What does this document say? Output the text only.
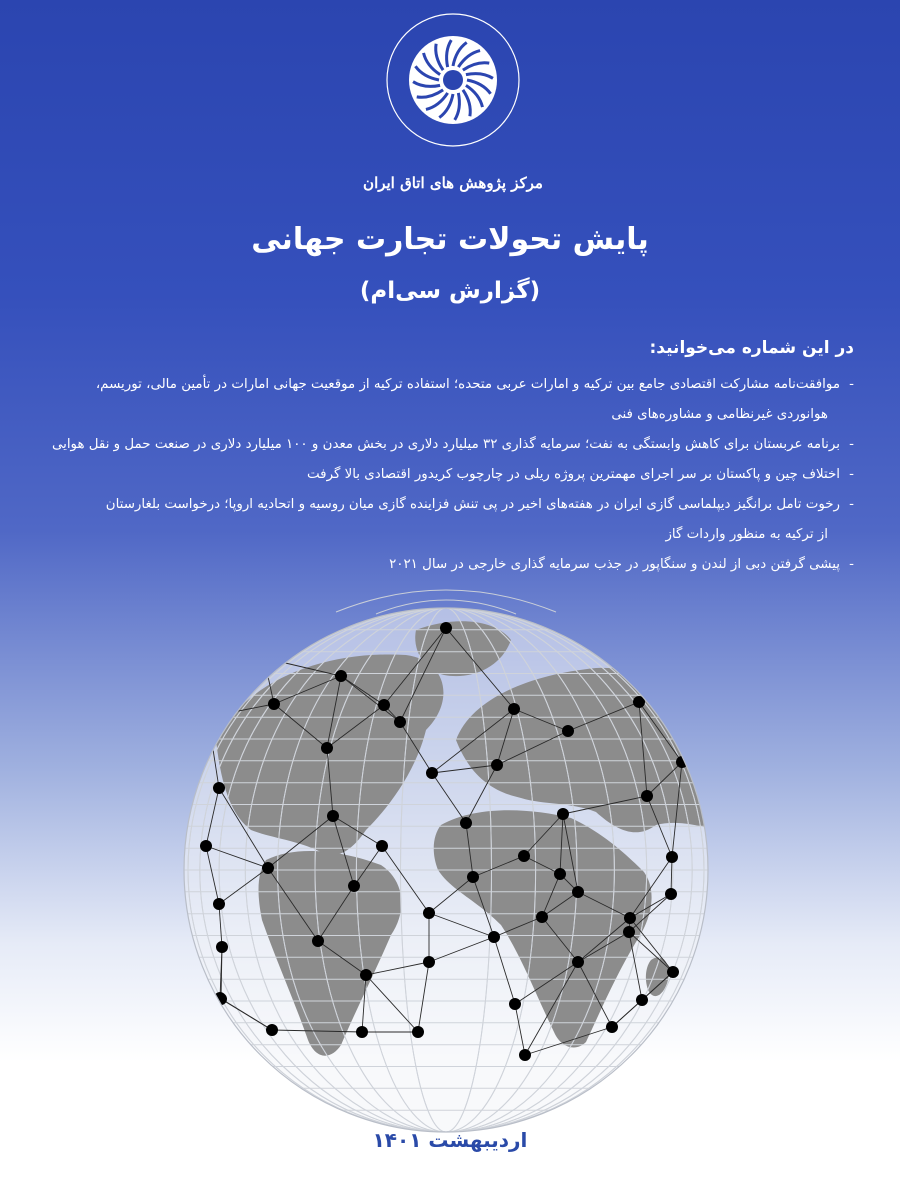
مرکز پژوهش های اتاق ایران
پایش تحولات تجارت جهانی
(گزارش سی‌ام)
در این شماره می‌خوانید:
-
موافقت‌نامه مشارکت اقتصادی جامع بین ترکیه و امارات عربی متحده؛ استفاده ترکیه از موقعیت جهانی امارات در تأمین مالی، توریسم،
هوانوردی غیرنظامی و مشاوره‌های فنی
-
برنامه عربستان برای کاهش وابستگی به نفت؛ سرمایه گذاری ۳۲ میلیارد دلاری در بخش معدن و ۱۰۰ میلیارد دلاری در صنعت حمل و نقل هوایی
-
اختلاف چین و پاکستان بر سر اجرای مهمترین پروژه ریلی در چارچوب کریدور اقتصادی بالا گرفت
-
رخوت تامل برانگیز دیپلماسی گازی ایران در هفته‌های اخیر در پی تنش فزاینده گازی میان روسیه و اتحادیه اروپا؛ درخواست بلغارستان
از ترکیه به منظور واردات گاز
-
پیشی گرفتن دبی از لندن و سنگاپور در جذب سرمایه گذاری خارجی در سال ۲۰۲۱
اردیبهشت ۱۴۰۱
